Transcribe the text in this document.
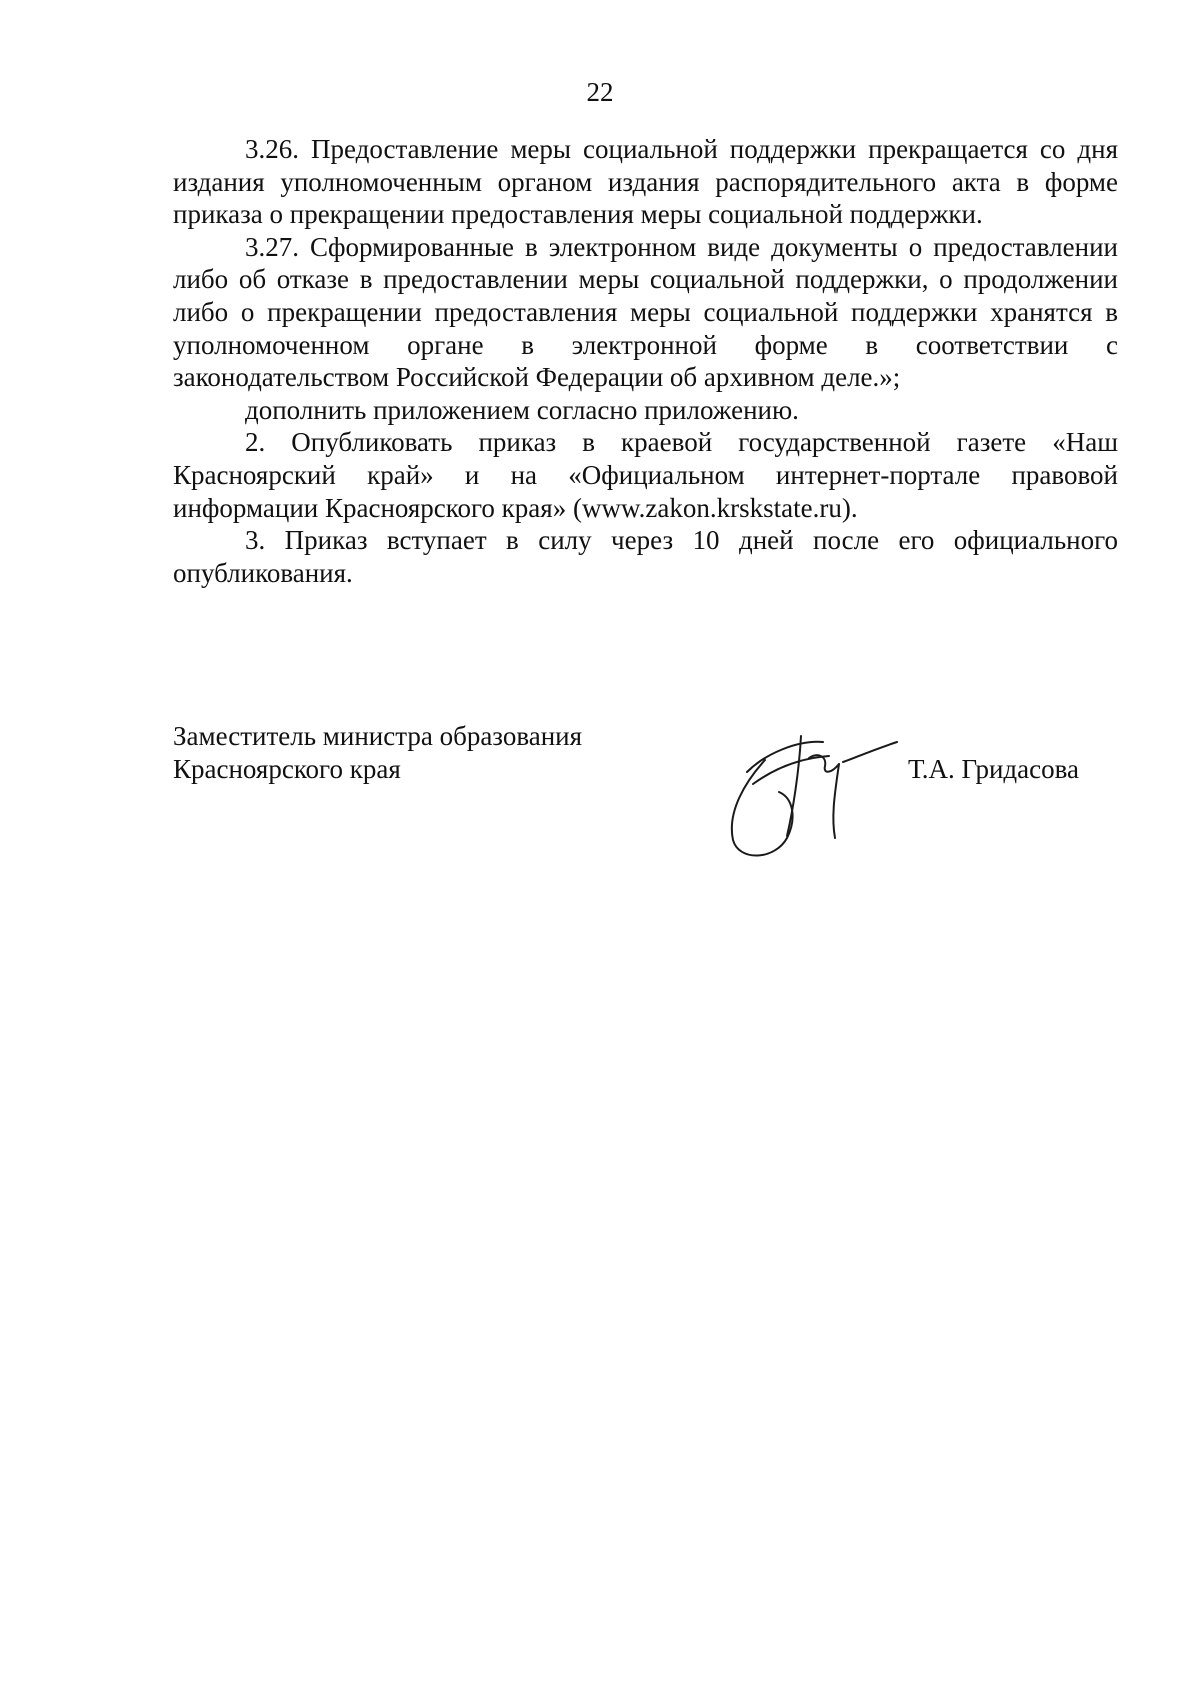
22

3.26. Предоставление меры социальной поддержки прекращается со дня издания уполномоченным органом издания распорядительного акта в форме приказа о прекращении предоставления меры социальной поддержки.

3.27. Сформированные в электронном виде документы о предоставлении либо об отказе в предоставлении меры социальной поддержки, о продолжении либо о прекращении предоставления меры социальной поддержки хранятся в уполномоченном органе в электронной форме в соответствии с законодательством Российской Федерации об архивном деле.»;

дополнить приложением согласно приложению.

2. Опубликовать приказ в краевой государственной газете «Наш Красноярский край» и на «Официальном интернет-портале правовой информации Красноярского края» (www.zakon.krskstate.ru).

3. Приказ вступает в силу через 10 дней после его официального опубликования.

Заместитель министра образования
Красноярского края	Т.А. Гридасова
